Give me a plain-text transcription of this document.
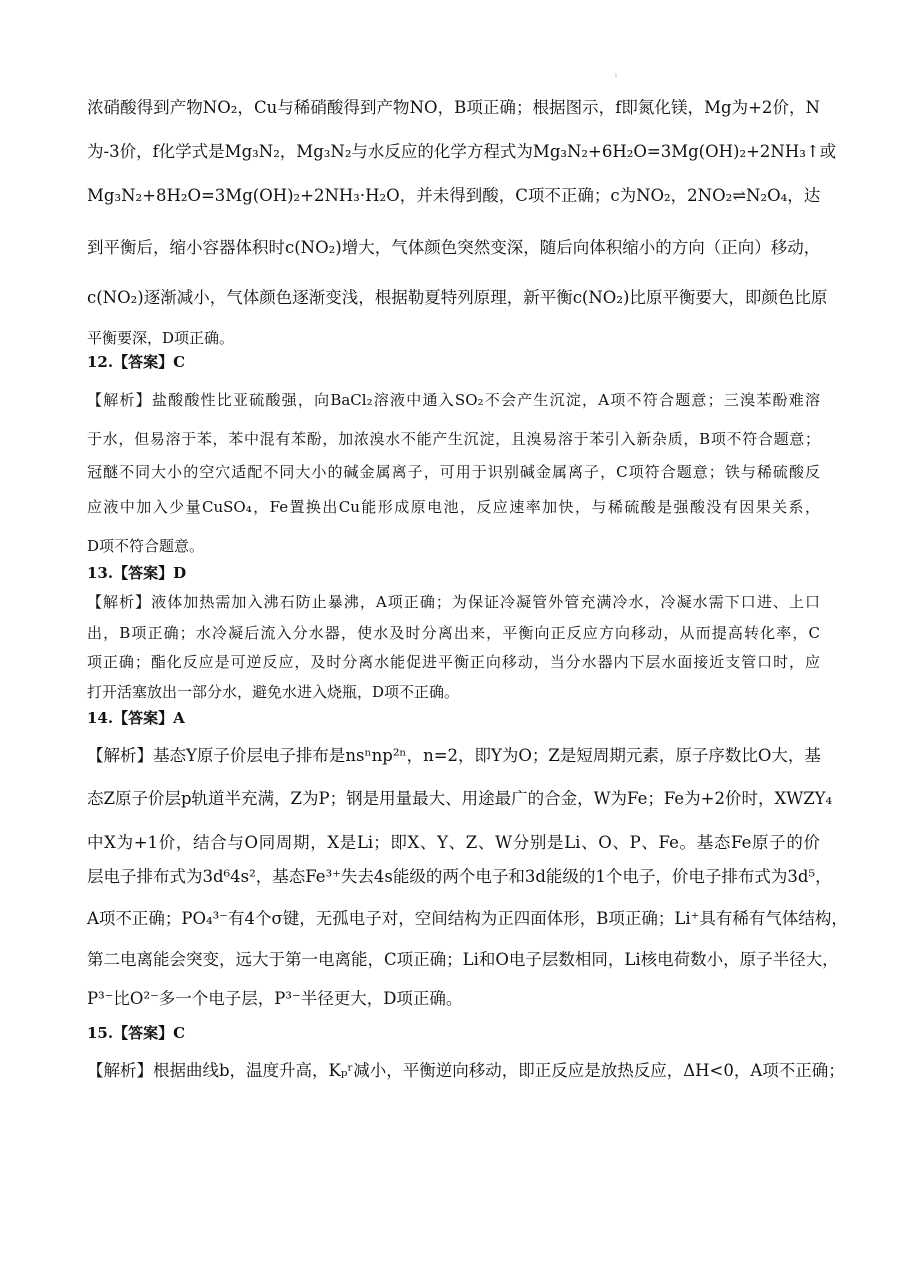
ı
浓硝酸得到产物NO₂，Cu与稀硝酸得到产物NO，B项正确；根据图示，f即氮化镁，Mg为+2价，N
为-3价，f化学式是Mg₃N₂，Mg₃N₂与水反应的化学方程式为Mg₃N₂+6H₂O=3Mg(OH)₂+2NH₃↑或
Mg₃N₂+8H₂O=3Mg(OH)₂+2NH₃·H₂O，并未得到酸，C项不正确；c为NO₂，2NO₂⇌N₂O₄，达
到平衡后，缩小容器体积时c(NO₂)增大，气体颜色突然变深，随后向体积缩小的方向（正向）移动，
c(NO₂)逐渐减小，气体颜色逐渐变浅，根据勒夏特列原理，新平衡c(NO₂)比原平衡要大，即颜色比原
平衡要深，D项正确。
12.【答案】C
【解析】盐酸酸性比亚硫酸强，向BaCl₂溶液中通入SO₂不会产生沉淀，A项不符合题意；三溴苯酚难溶
于水，但易溶于苯，苯中混有苯酚，加浓溴水不能产生沉淀，且溴易溶于苯引入新杂质，B项不符合题意；
冠醚不同大小的空穴适配不同大小的碱金属离子，可用于识别碱金属离子，C项符合题意；铁与稀硫酸反
应液中加入少量CuSO₄，Fe置换出Cu能形成原电池，反应速率加快，与稀硫酸是强酸没有因果关系，
D项不符合题意。
13.【答案】D
【解析】液体加热需加入沸石防止暴沸，A项正确；为保证冷凝管外管充满冷水，冷凝水需下口进、上口
出，B项正确；水冷凝后流入分水器，使水及时分离出来，平衡向正反应方向移动，从而提高转化率，C
项正确；酯化反应是可逆反应，及时分离水能促进平衡正向移动，当分水器内下层水面接近支管口时，应
打开活塞放出一部分水，避免水进入烧瓶，D项不正确。
14.【答案】A
【解析】基态Y原子价层电子排布是nsⁿnp²ⁿ，n=2，即Y为O；Z是短周期元素，原子序数比O大，基
态Z原子价层p轨道半充满，Z为P；钢是用量最大、用途最广的合金，W为Fe；Fe为+2价时，XWZY₄
中X为+1价，结合与O同周期，X是Li；即X、Y、Z、W分别是Li、O、P、Fe。基态Fe原子的价
层电子排布式为3d⁶4s²，基态Fe³⁺失去4s能级的两个电子和3d能级的1个电子，价电子排布式为3d⁵，
A项不正确；PO₄³⁻有4个σ键，无孤电子对，空间结构为正四面体形，B项正确；Li⁺具有稀有气体结构，
第二电离能会突变，远大于第一电离能，C项正确；Li和O电子层数相同，Li核电荷数小，原子半径大，
P³⁻比O²⁻多一个电子层，P³⁻半径更大，D项正确。
15.【答案】C
【解析】根据曲线b，温度升高，Kₚʳ减小，平衡逆向移动，即正反应是放热反应，ΔH<0，A项不正确；
